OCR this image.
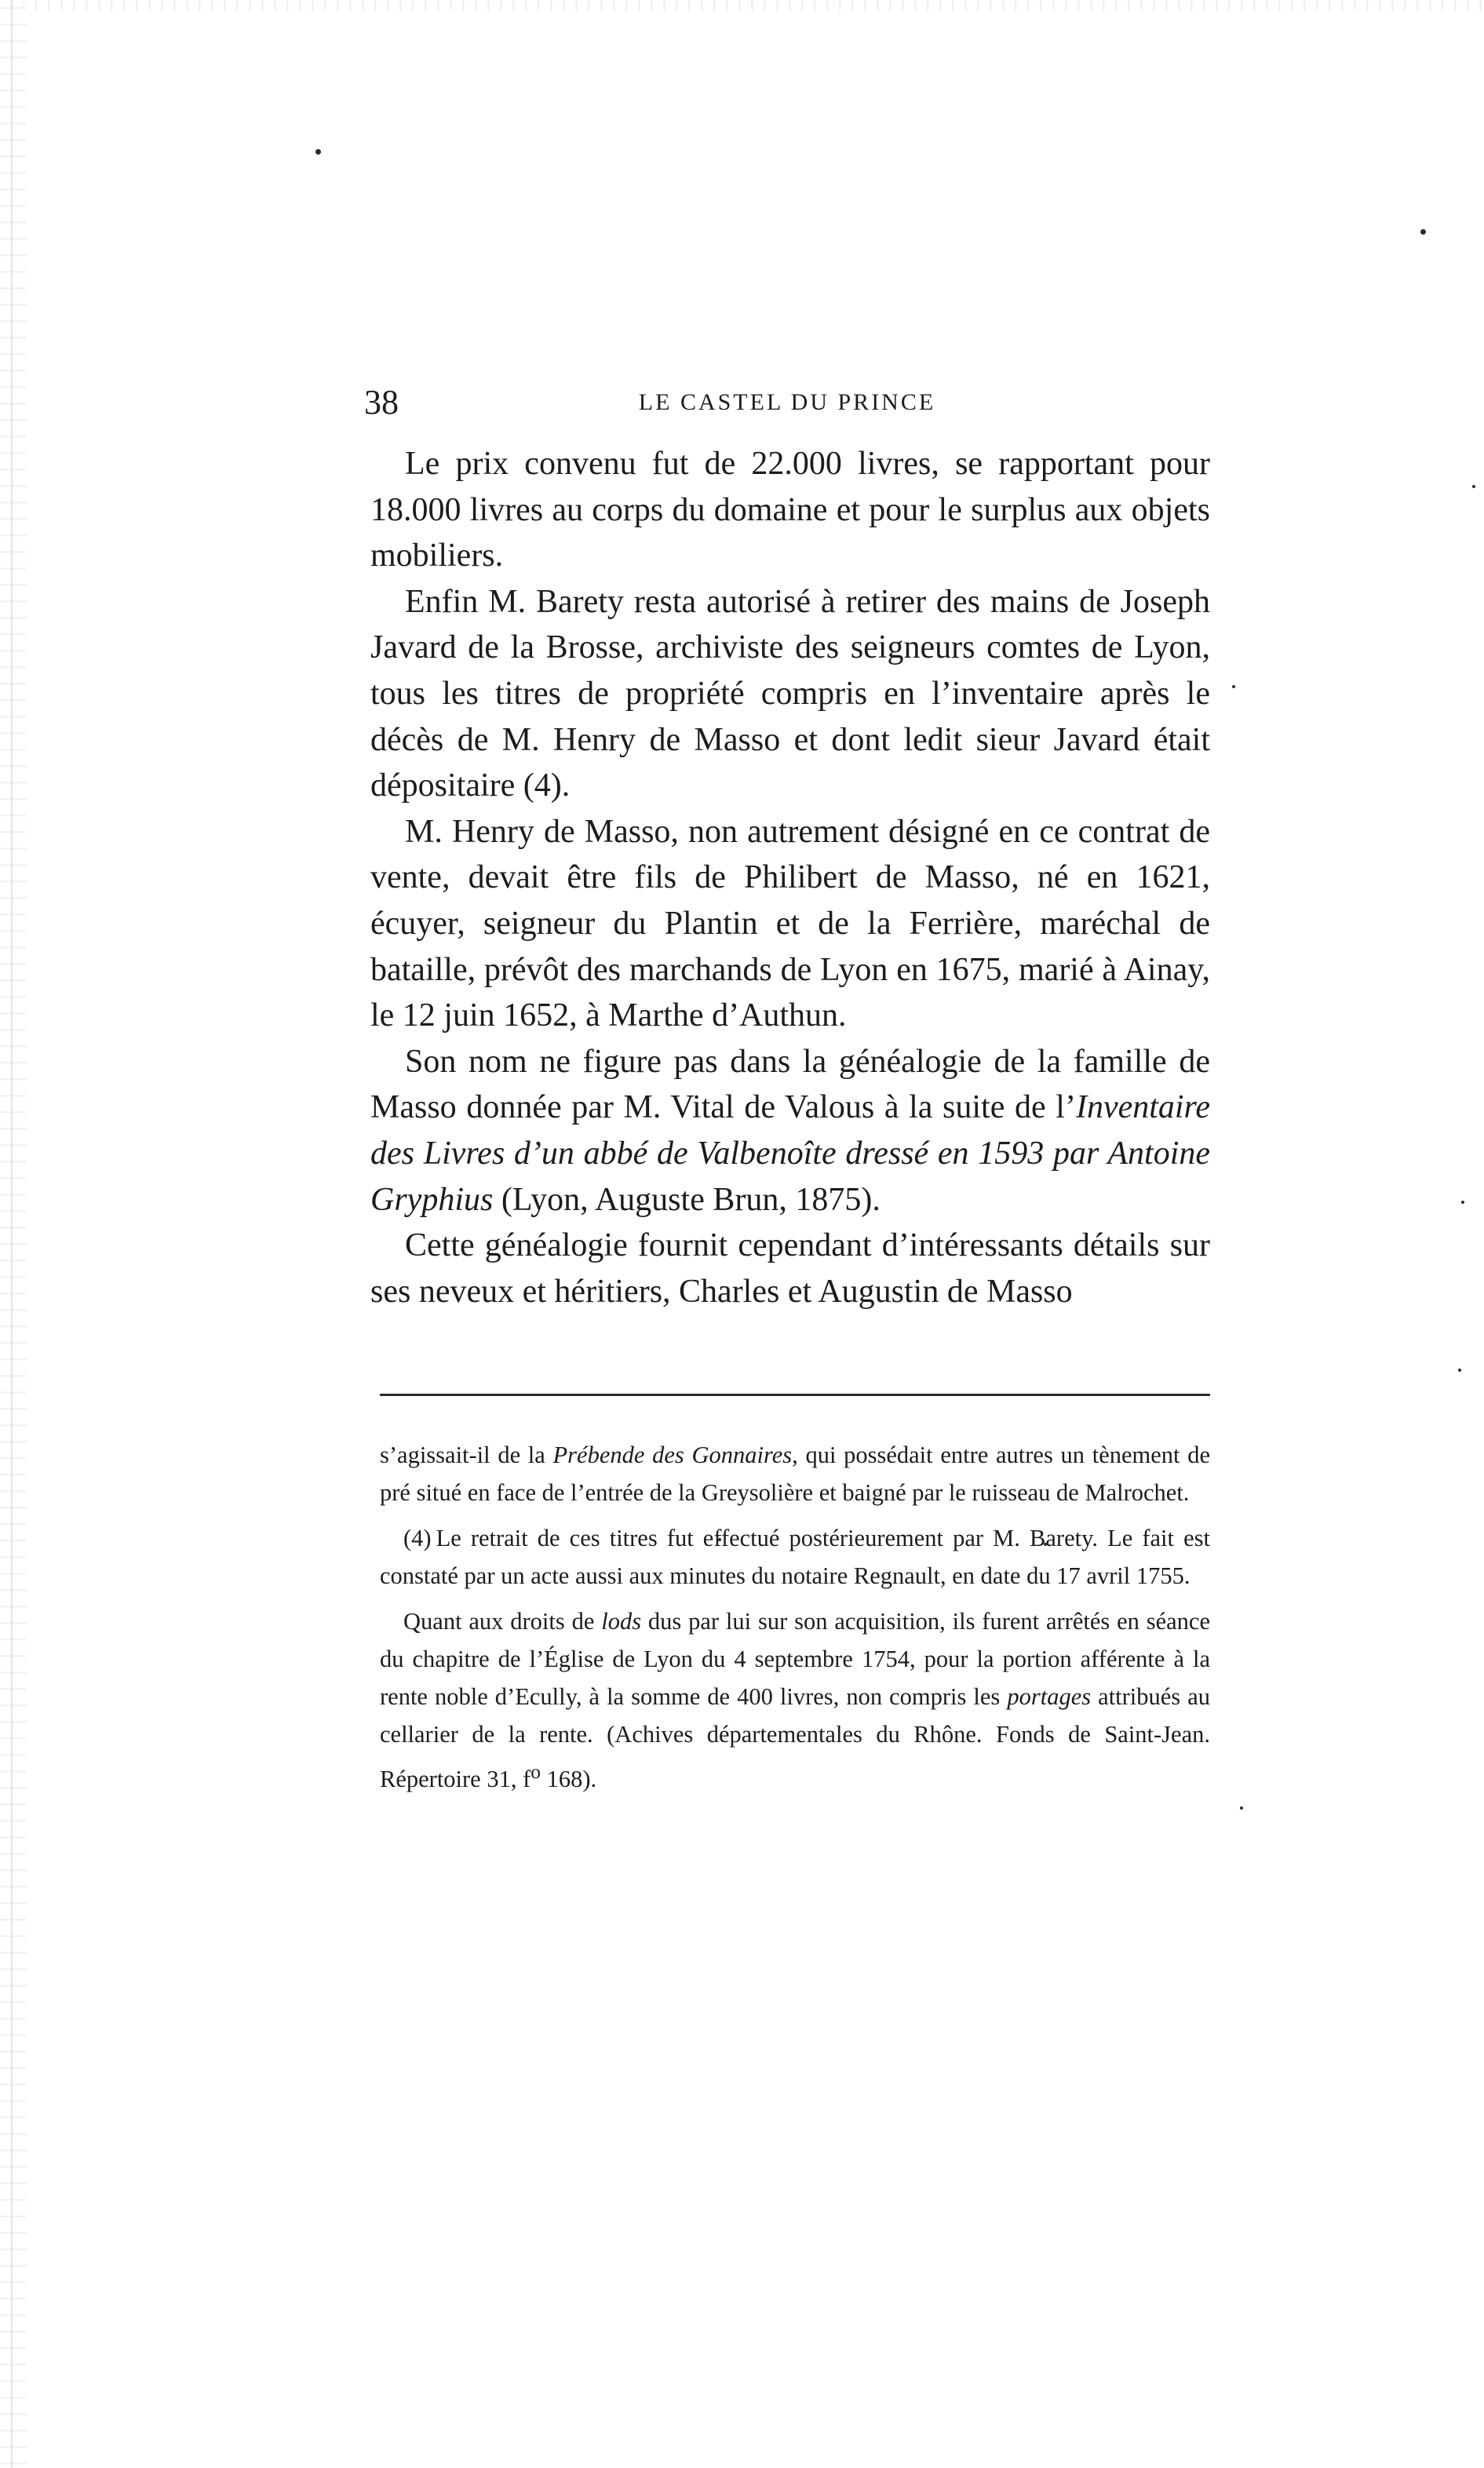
38	LE CASTEL DU PRINCE

Le prix convenu fut de 22.000 livres, se rapportant pour 18.000 livres au corps du domaine et pour le surplus aux objets mobiliers.

Enfin M. Barety resta autorisé à retirer des mains de Joseph Javard de la Brosse, archiviste des seigneurs comtes de Lyon, tous les titres de propriété compris en l’inventaire après le décès de M. Henry de Masso et dont ledit sieur Javard était dépositaire (4).

M. Henry de Masso, non autrement désigné en ce contrat de vente, devait être fils de Philibert de Masso, né en 1621, écuyer, seigneur du Plantin et de la Ferrière, maréchal de bataille, prévôt des marchands de Lyon en 1675, marié à Ainay, le 12 juin 1652, à Marthe d’Authun.

Son nom ne figure pas dans la généalogie de la famille de Masso donnée par M. Vital de Valous à la suite de l’Inventaire des Livres d’un abbé de Valbenoîte dressé en 1593 par Antoine Gryphius (Lyon, Auguste Brun, 1875).

Cette généalogie fournit cependant d’intéressants détails sur ses neveux et héritiers, Charles et Augustin de Masso

s’agissait-il de la Prébende des Gonnaires, qui possédait entre autres un tènement de pré situé en face de l’entrée de la Greysolière et baigné par le ruisseau de Malrochet.

(4) Le retrait de ces titres fut effectué postérieurement par M. Barety. Le fait est constaté par un acte aussi aux minutes du notaire Regnault, en date du 17 avril 1755.

Quant aux droits de lods dus par lui sur son acquisition, ils furent arrêtés en séance du chapitre de l’Église de Lyon du 4 septembre 1754, pour la portion afférente à la rente noble d’Ecully, à la somme de 400 livres, non compris les portages attribués au cellarier de la rente. (Achives départementales du Rhône. Fonds de Saint-Jean. Répertoire 31, $f^o$ 168).
